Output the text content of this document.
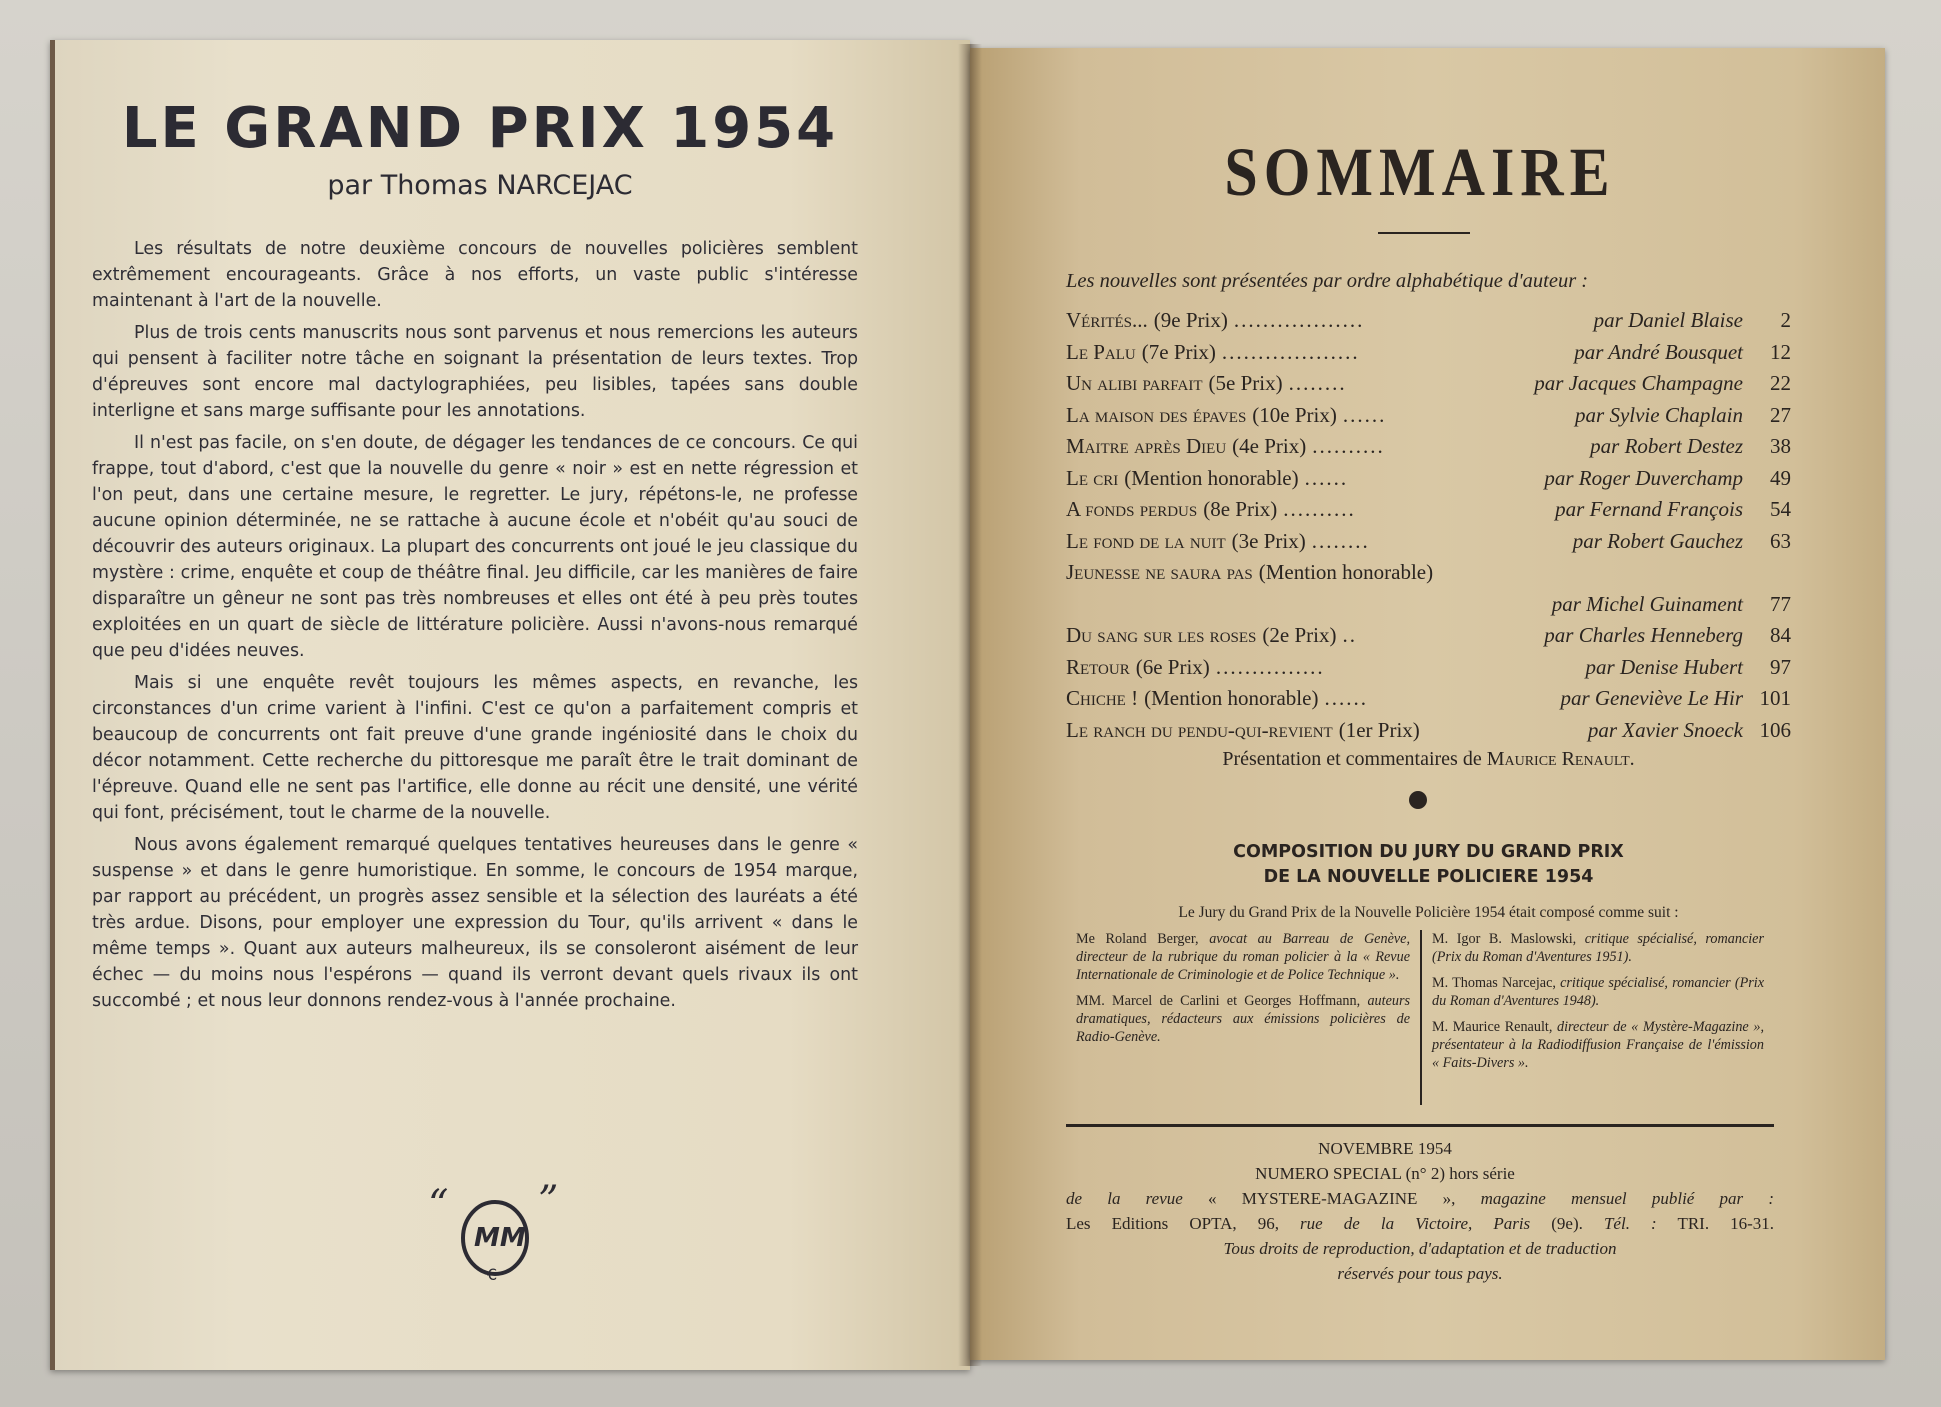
LE GRAND PRIX 1954
par Thomas NARCEJAC

Les résultats de notre deuxième concours de nouvelles policières semblent extrêmement encourageants. Grâce à nos efforts, un vaste public s'intéresse maintenant à l'art de la nouvelle.

Plus de trois cents manuscrits nous sont parvenus et nous remercions les auteurs qui pensent à faciliter notre tâche en soignant la présentation de leurs textes. Trop d'épreuves sont encore mal dactylographiées, peu lisibles, tapées sans double interligne et sans marge suffisante pour les annotations.

Il n'est pas facile, on s'en doute, de dégager les tendances de ce concours. Ce qui frappe, tout d'abord, c'est que la nouvelle du genre « noir » est en nette régression et l'on peut, dans une certaine mesure, le regretter. Le jury, répétons-le, ne professe aucune opinion déterminée, ne se rattache à aucune école et n'obéit qu'au souci de découvrir des auteurs originaux. La plupart des concurrents ont joué le jeu classique du mystère : crime, enquête et coup de théâtre final. Jeu difficile, car les manières de faire disparaître un gêneur ne sont pas très nombreuses et elles ont été à peu près toutes exploitées en un quart de siècle de littérature policière. Aussi n'avons-nous remarqué que peu d'idées neuves.

Mais si une enquête revêt toujours les mêmes aspects, en revanche, les circonstances d'un crime varient à l'infini. C'est ce qu'on a parfaitement compris et beaucoup de concurrents ont fait preuve d'une grande ingéniosité dans le choix du décor notamment. Cette recherche du pittoresque me paraît être le trait dominant de l'épreuve. Quand elle ne sent pas l'artifice, elle donne au récit une densité, une vérité qui font, précisément, tout le charme de la nouvelle.

Nous avons également remarqué quelques tentatives heureuses dans le genre « suspense » et dans le genre humoristique. En somme, le concours de 1954 marque, par rapport au précédent, un progrès assez sensible et la sélection des lauréats a été très ardue. Disons, pour employer une expression du Tour, qu'ils arrivent « dans le même temps ». Quant aux auteurs malheureux, ils se consoleront aisément de leur échec — du moins nous l'espérons — quand ils verront devant quels rivaux ils ont succombé ; et nous leur donnons rendez-vous à l'année prochaine.

“ ”
MM
€
SOMMAIRE
Les nouvelles sont présentées par ordre alphabétique d'auteur :
Vérités... (9e Prix) ..................	par Daniel Blaise	2
Le Palu (7e Prix) ...................	par André Bousquet	12
Un alibi parfait (5e Prix) ........	par Jacques Champagne	22
La maison des épaves (10e Prix) ......	par Sylvie Chaplain	27
Maitre après Dieu (4e Prix) ..........	par Robert Destez	38
Le cri (Mention honorable) ......	par Roger Duverchamp	49
A fonds perdus (8e Prix) ..........	par Fernand François	54
Le fond de la nuit (3e Prix) ........	par Robert Gauchez	63
Jeunesse ne saura pas (Mention honorable)
par Michel Guinament	77
Du sang sur les roses (2e Prix) ..	par Charles Henneberg	84
Retour (6e Prix) ...............	par Denise Hubert	97
Chiche ! (Mention honorable) ......	par Geneviève Le Hir 101
Le ranch du pendu-qui-revient (1er Prix)	par Xavier Snoeck 106
Présentation et commentaires de Maurice Renault.
COMPOSITION DU JURY DU GRAND PRIX
DE LA NOUVELLE POLICIERE 1954
Le Jury du Grand Prix de la Nouvelle Policière 1954 était composé comme suit :
Me Roland Berger, avocat au Barreau de Genève, directeur de la rubrique du roman policier à la « Revue Internationale de Criminologie et de Police Technique ».
MM. Marcel de Carlini et Georges Hoffmann, auteurs dramatiques, rédacteurs aux émissions policières de Radio-Genève.
M. Igor B. Maslowski, critique spécialisé, romancier (Prix du Roman d'Aventures 1951).
M. Thomas Narcejac, critique spécialisé, romancier (Prix du Roman d'Aventures 1948).
M. Maurice Renault, directeur de « Mystère-Magazine », présentateur à la Radiodiffusion Française de l'émission « Faits-Divers ».
NOVEMBRE 1954
NUMERO SPECIAL (n° 2) hors série
de la revue « MYSTERE-MAGAZINE », magazine mensuel publié par :
Les Editions OPTA, 96, rue de la Victoire, Paris (9e). Tél. : TRI. 16-31.
Tous droits de reproduction, d'adaptation et de traduction
réservés pour tous pays.
